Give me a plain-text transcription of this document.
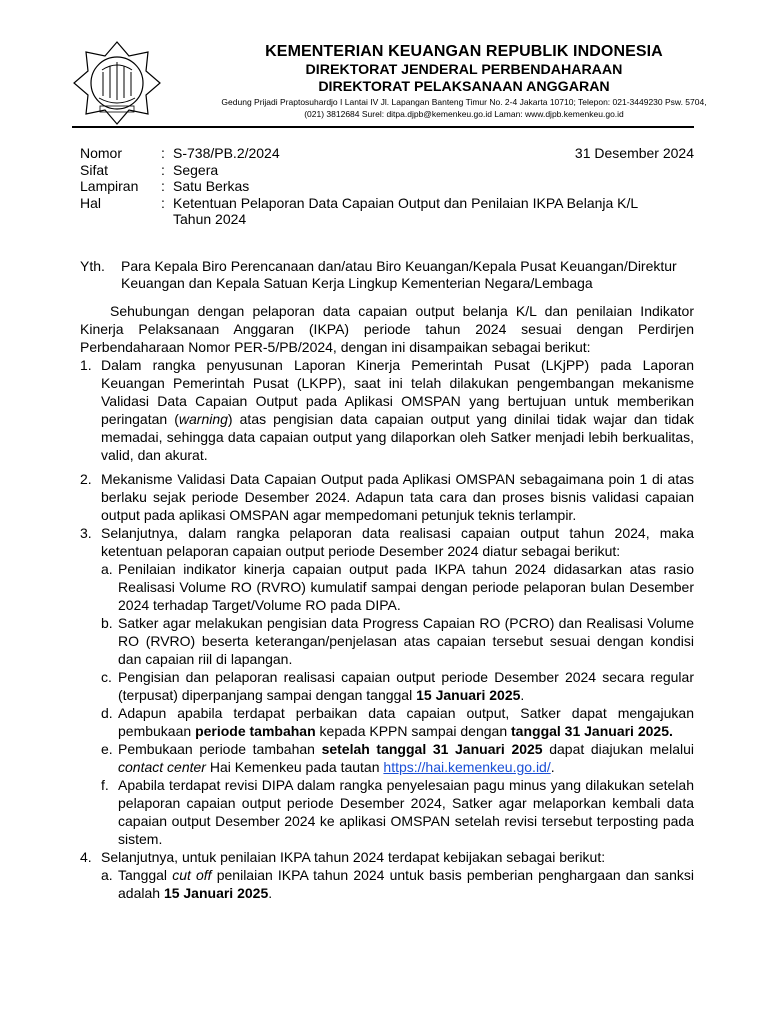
KEMENTERIAN KEUANGAN REPUBLIK INDONESIA
DIREKTORAT JENDERAL PERBENDAHARAAN
DIREKTORAT PELAKSANAAN ANGGARAN
Gedung Prijadi Praptosuhardjo I Lantai IV Jl. Lapangan Banteng Timur No. 2-4 Jakarta 10710; Telepon: 021-3449230 Psw. 5704,
(021) 3812684 Surel: ditpa.djpb@kemenkeu.go.id Laman: www.djpb.kemenkeu.go.id
31 Desember 2024
Nomor	: S-738/PB.2/2024
Sifat	: Segera
Lampiran	: Satu Berkas
Hal	: Ketentuan Pelaporan Data Capaian Output dan Penilaian IKPA Belanja K/L Tahun 2024
Yth.	Para Kepala Biro Perencanaan dan/atau Biro Keuangan/Kepala Pusat Keuangan/Direktur Keuangan dan Kepala Satuan Kerja Lingkup Kementerian Negara/Lembaga

Sehubungan dengan pelaporan data capaian output belanja K/L dan penilaian Indikator Kinerja Pelaksanaan Anggaran (IKPA) periode tahun 2024 sesuai dengan Perdirjen Perbendaharaan Nomor PER-5/PB/2024, dengan ini disampaikan sebagai berikut:

1. Dalam rangka penyusunan Laporan Kinerja Pemerintah Pusat (LKjPP) pada Laporan Keuangan Pemerintah Pusat (LKPP), saat ini telah dilakukan pengembangan mekanisme Validasi Data Capaian Output pada Aplikasi OMSPAN yang bertujuan untuk memberikan peringatan (warning) atas pengisian data capaian output yang dinilai tidak wajar dan tidak memadai, sehingga data capaian output yang dilaporkan oleh Satker menjadi lebih berkualitas, valid, dan akurat.
2. Mekanisme Validasi Data Capaian Output pada Aplikasi OMSPAN sebagaimana poin 1 di atas berlaku sejak periode Desember 2024. Adapun tata cara dan proses bisnis validasi capaian output pada aplikasi OMSPAN agar mempedomani petunjuk teknis terlampir.
3. Selanjutnya, dalam rangka pelaporan data realisasi capaian output tahun 2024, maka ketentuan pelaporan capaian output periode Desember 2024 diatur sebagai berikut:
a. Penilaian indikator kinerja capaian output pada IKPA tahun 2024 didasarkan atas rasio Realisasi Volume RO (RVRO) kumulatif sampai dengan periode pelaporan bulan Desember 2024 terhadap Target/Volume RO pada DIPA.
b. Satker agar melakukan pengisian data Progress Capaian RO (PCRO) dan Realisasi Volume RO (RVRO) beserta keterangan/penjelasan atas capaian tersebut sesuai dengan kondisi dan capaian riil di lapangan.
c. Pengisian dan pelaporan realisasi capaian output periode Desember 2024 secara regular (terpusat) diperpanjang sampai dengan tanggal 15 Januari 2025.
d. Adapun apabila terdapat perbaikan data capaian output, Satker dapat mengajukan pembukaan periode tambahan kepada KPPN sampai dengan tanggal 31 Januari 2025.
e. Pembukaan periode tambahan setelah tanggal 31 Januari 2025 dapat diajukan melalui contact center Hai Kemenkeu pada tautan https://hai.kemenkeu.go.id/.
f. Apabila terdapat revisi DIPA dalam rangka penyelesaian pagu minus yang dilakukan setelah pelaporan capaian output periode Desember 2024, Satker agar melaporkan kembali data capaian output Desember 2024 ke aplikasi OMSPAN setelah revisi tersebut terposting pada sistem.
4. Selanjutnya, untuk penilaian IKPA tahun 2024 terdapat kebijakan sebagai berikut:
a. Tanggal cut off penilaian IKPA tahun 2024 untuk basis pemberian penghargaan dan sanksi adalah 15 Januari 2025.
